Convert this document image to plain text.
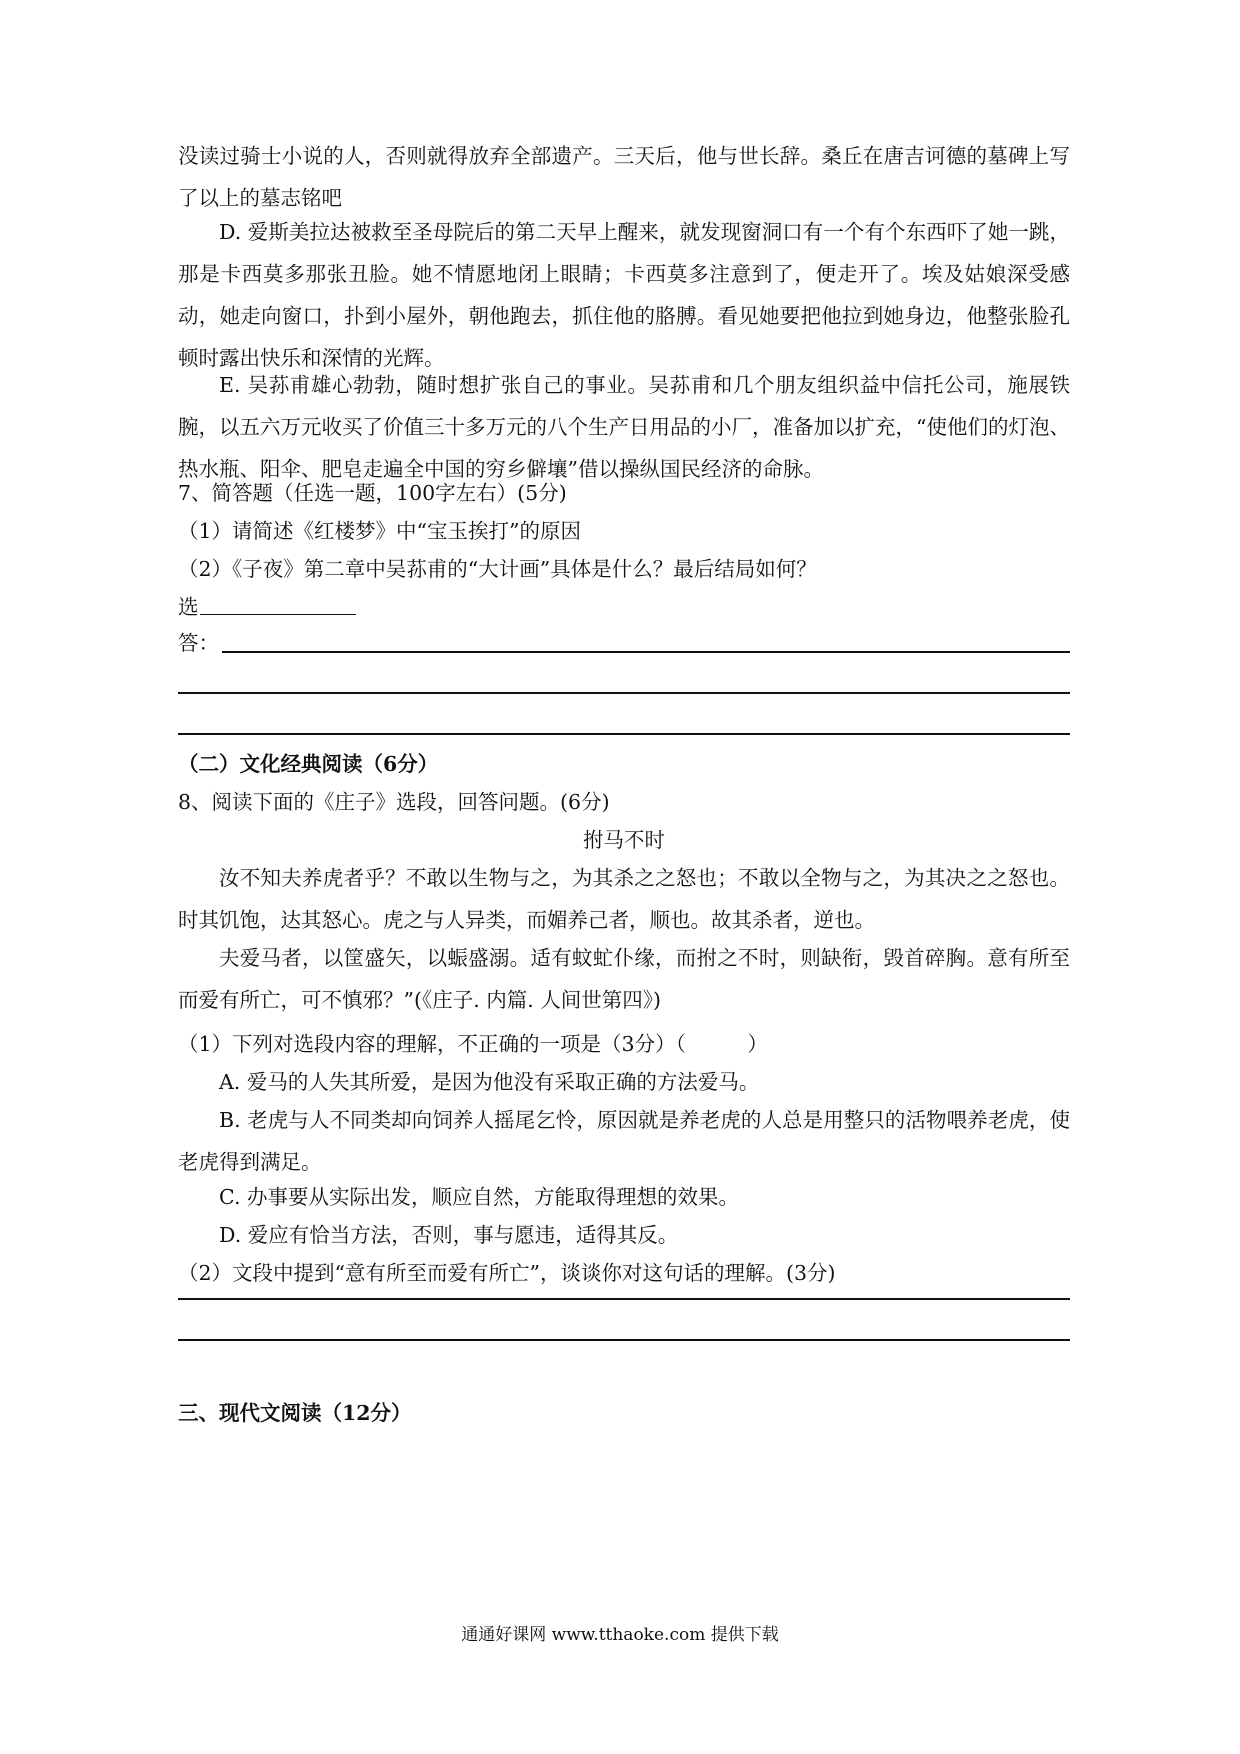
没读过骑士小说的人，否则就得放弃全部遗产。三天后，他与世长辞。桑丘在唐吉诃德的墓碑上写了以上的墓志铭吧

D. 爱斯美拉达被救至圣母院后的第二天早上醒来，就发现窗洞口有一个有个东西吓了她一跳，那是卡西莫多那张丑脸。她不情愿地闭上眼睛；卡西莫多注意到了，便走开了。埃及姑娘深受感动，她走向窗口，扑到小屋外，朝他跑去，抓住他的胳膊。看见她要把他拉到她身边，他整张脸孔顿时露出快乐和深情的光辉。

E. 吴荪甫雄心勃勃，随时想扩张自己的事业。吴荪甫和几个朋友组织益中信托公司，施展铁腕，以五六万元收买了价值三十多万元的八个生产日用品的小厂，准备加以扩充，“使他们的灯泡、热水瓶、阳伞、肥皂走遍全中国的穷乡僻壤”借以操纵国民经济的命脉。

7、简答题（任选一题，100字左右）(5分)

（1）请简述《红楼梦》中“宝玉挨打”的原因

（2）《子夜》第二章中吴荪甫的“大计画”具体是什么？最后结局如何？

选

答：

（二）文化经典阅读（6分）

8、阅读下面的《庄子》选段，回答问题。(6分)

拊马不时

汝不知夫养虎者乎？不敢以生物与之，为其杀之之怒也；不敢以全物与之，为其决之之怒也。时其饥饱，达其怒心。虎之与人异类，而媚养己者，顺也。故其杀者，逆也。

夫爱马者，以筐盛矢，以蜄盛溺。适有蚊虻仆缘，而拊之不时，则缺衔，毁首碎胸。意有所至而爱有所亡，可不慎邪？”(《庄子. 内篇. 人间世第四》)

（1）下列对选段内容的理解，不正确的一项是（3分）（　　　）

A. 爱马的人失其所爱，是因为他没有采取正确的方法爱马。

B. 老虎与人不同类却向饲养人摇尾乞怜，原因就是养老虎的人总是用整只的活物喂养老虎，使老虎得到满足。

C. 办事要从实际出发，顺应自然，方能取得理想的效果。

D. 爱应有恰当方法，否则，事与愿违，适得其反。

（2）文段中提到“意有所至而爱有所亡”，谈谈你对这句话的理解。(3分)

三、现代文阅读（12分）

通通好课网 www.tthaoke.com 提供下载
